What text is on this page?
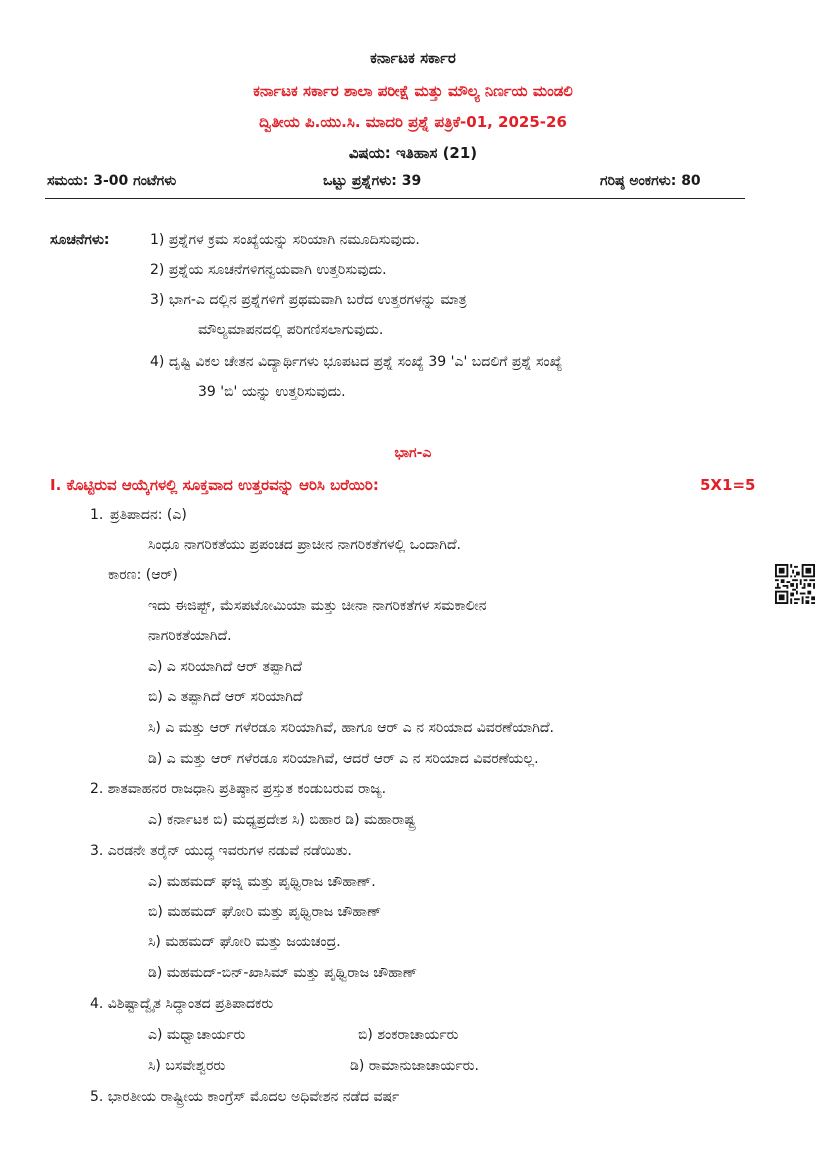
ಕರ್ನಾಟಕ ಸರ್ಕಾರ
ಕರ್ನಾಟಕ ಸರ್ಕಾರ ಶಾಲಾ ಪರೀಕ್ಷೆ ಮತ್ತು ಮೌಲ್ಯ ನಿರ್ಣಯ ಮಂಡಲಿ
ದ್ವಿತೀಯ ಪಿ.ಯು.ಸಿ. ಮಾದರಿ ಪ್ರಶ್ನೆ ಪತ್ರಿಕೆ-01, 2025-26
ವಿಷಯ: ಇತಿಹಾಸ (21)
ಸಮಯ: 3-00 ಗಂಟೆಗಳು	ಒಟ್ಟು ಪ್ರಶ್ನೆಗಳು: 39	ಗರಿಷ್ಠ ಅಂಕಗಳು: 80
ಸೂಚನೆಗಳು:	1) ಪ್ರಶ್ನೆಗಳ ಕ್ರಮ ಸಂಖ್ಯೆಯನ್ನು ಸರಿಯಾಗಿ ನಮೂದಿಸುವುದು.
2) ಪ್ರಶ್ನೆಯ ಸೂಚನೆಗಳಿಗನ್ವಯವಾಗಿ ಉತ್ತರಿಸುವುದು.
3) ಭಾಗ-ಎ ದಲ್ಲಿನ ಪ್ರಶ್ನೆಗಳಿಗೆ ಪ್ರಥಮವಾಗಿ ಬರೆದ ಉತ್ತರಗಳನ್ನು ಮಾತ್ರ
ಮೌಲ್ಯಮಾಪನದಲ್ಲಿ ಪರಿಗಣಿಸಲಾಗುವುದು.
4) ದೃಷ್ಟಿ ವಿಕಲ ಚೇತನ ವಿದ್ಯಾರ್ಥಿಗಳು ಭೂಪಟದ ಪ್ರಶ್ನೆ ಸಂಖ್ಯೆ 39 'ಎ' ಬದಲಿಗೆ ಪ್ರಶ್ನೆ ಸಂಖ್ಯೆ
39 'ಬಿ' ಯನ್ನು ಉತ್ತರಿಸುವುದು.
ಭಾಗ-ಎ
I. ಕೊಟ್ಟಿರುವ ಆಯ್ಕೆಗಳಲ್ಲಿ ಸೂಕ್ತವಾದ ಉತ್ತರವನ್ನು ಆರಿಸಿ ಬರೆಯಿರಿ:	5X1=5
1. ಪ್ರತಿಪಾದನ: (ಎ)
ಸಿಂಧೂ ನಾಗರಿಕತೆಯು ಪ್ರಪಂಚದ ಪ್ರಾಚೀನ ನಾಗರಿಕತೆಗಳಲ್ಲಿ ಒಂದಾಗಿದೆ.
ಕಾರಣ: (ಆರ್)
ಇದು ಈಜಿಪ್ಟ್, ಮೆಸಪಟೋಮಿಯಾ ಮತ್ತು ಚೀನಾ ನಾಗರಿಕತೆಗಳ ಸಮಕಾಲೀನ
ನಾಗರಿಕತೆಯಾಗಿದೆ.
ಎ) ಎ ಸರಿಯಾಗಿದೆ ಆರ್ ತಪ್ಪಾಗಿದೆ
ಬಿ) ಎ ತಪ್ಪಾಗಿದೆ ಆರ್ ಸರಿಯಾಗಿದೆ
ಸಿ) ಎ ಮತ್ತು ಆರ್ ಗಳೆರಡೂ ಸರಿಯಾಗಿವೆ, ಹಾಗೂ ಆರ್ ಎ ನ ಸರಿಯಾದ ವಿವರಣೆಯಾಗಿದೆ.
ಡಿ) ಎ ಮತ್ತು ಆರ್ ಗಳೆರಡೂ ಸರಿಯಾಗಿವೆ, ಆದರೆ ಆರ್ ಎ ನ ಸರಿಯಾದ ವಿವರಣೆಯಲ್ಲ.
2. ಶಾತವಾಹನರ ರಾಜಧಾನಿ ಪ್ರತಿಷ್ಠಾನ ಪ್ರಸ್ತುತ ಕಂಡುಬರುವ ರಾಜ್ಯ.
ಎ) ಕರ್ನಾಟಕ ಬಿ) ಮಧ್ಯಪ್ರದೇಶ ಸಿ) ಬಿಹಾರ ಡಿ) ಮಹಾರಾಷ್ಟ್ರ
3. ಎರಡನೇ ತರೈನ್ ಯುದ್ಧ ಇವರುಗಳ ನಡುವೆ ನಡೆಯಿತು.
ಎ) ಮಹಮದ್ ಘಜ್ನಿ ಮತ್ತು ಪೃಥ್ವಿರಾಜ ಚೌಹಾಣ್.
ಬಿ) ಮಹಮದ್ ಘೋರಿ ಮತ್ತು ಪೃಥ್ವಿರಾಜ ಚೌಹಾಣ್
ಸಿ) ಮಹಮದ್ ಘೋರಿ ಮತ್ತು ಜಯಚಂದ್ರ.
ಡಿ) ಮಹಮದ್-ಬಿನ್-ಖಾಸಿಮ್ ಮತ್ತು ಪೃಥ್ವಿರಾಜ ಚೌಹಾಣ್
4. ವಿಶಿಷ್ಟಾದ್ವೈತ ಸಿದ್ಧಾಂತದ ಪ್ರತಿಪಾದಕರು
ಎ) ಮಧ್ವಾಚಾರ್ಯರು	ಬಿ) ಶಂಕರಾಚಾರ್ಯರು
ಸಿ) ಬಸವೇಶ್ವರರು	ಡಿ) ರಾಮಾನುಜಾಚಾರ್ಯರು.
5. ಭಾರತೀಯ ರಾಷ್ಟ್ರೀಯ ಕಾಂಗ್ರೆಸ್ ಮೊದಲ ಅಧಿವೇಶನ ನಡೆದ ವರ್ಷ
